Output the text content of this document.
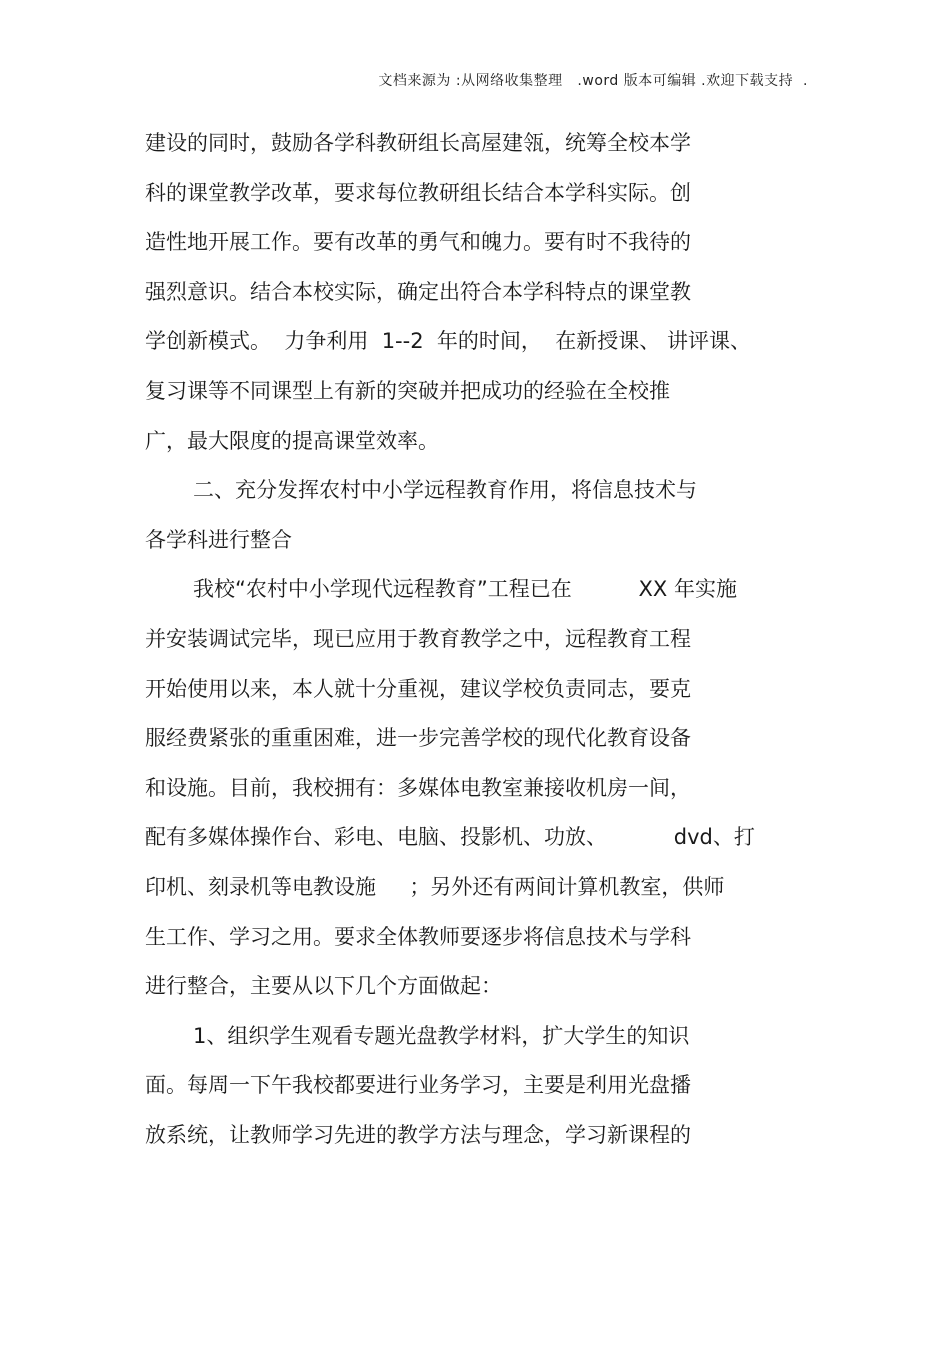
文档来源为 :从网络收集整理   .word 版本可编辑 .欢迎下载支持  .
建设的同时，鼓励各学科教研组长高屋建瓴，统筹全校本学
科的课堂教学改革，要求每位教研组长结合本学科实际。创
造性地开展工作。要有改革的勇气和魄力。要有时不我待的
强烈意识。结合本校实际，确定出符合本学科特点的课堂教
学创新模式。  力争利用  1--2  年的时间，  在新授课、 讲评课、
复习课等不同课型上有新的突破并把成功的经验在全校推
广，最大限度的提高课堂效率。
二、充分发挥农村中小学远程教育作用，将信息技术与
各学科进行整合
我校“农村中小学现代远程教育”工程已在          XX 年实施
并安装调试完毕，现已应用于教育教学之中，远程教育工程
开始使用以来，本人就十分重视，建议学校负责同志，要克
服经费紧张的重重困难，进一步完善学校的现代化教育设备
和设施。目前，我校拥有：多媒体电教室兼接收机房一间，
配有多媒体操作台、彩电、电脑、投影机、功放、          dvd、打
印机、刻录机等电教设施     ；另外还有两间计算机教室，供师
生工作、学习之用。要求全体教师要逐步将信息技术与学科
进行整合，主要从以下几个方面做起：
1、组织学生观看专题光盘教学材料，扩大学生的知识
面。每周一下午我校都要进行业务学习，主要是利用光盘播
放系统，让教师学习先进的教学方法与理念，学习新课程的
